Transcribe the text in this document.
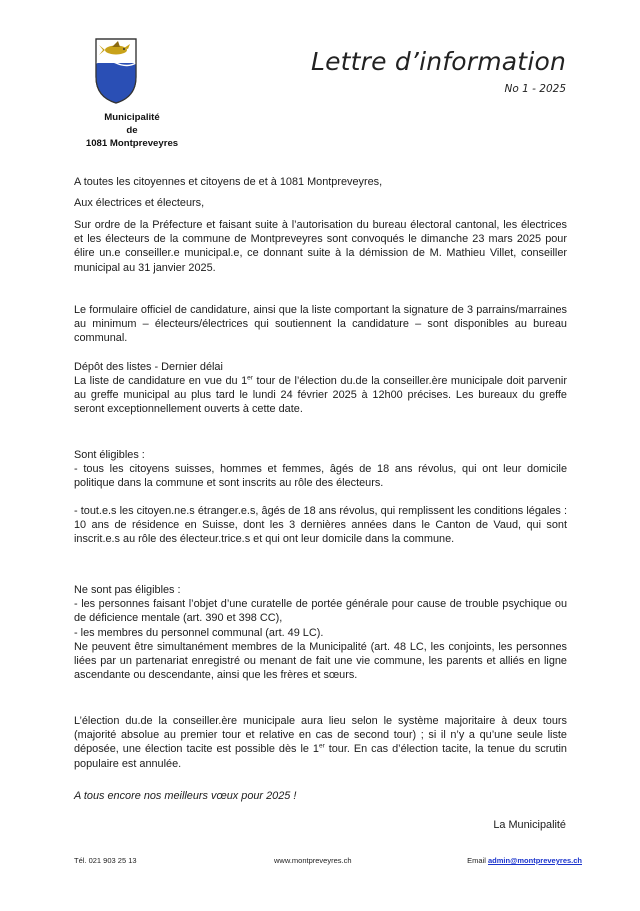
Municipalité
de
1081 Montpreveyres
Lettre d’information
No 1 - 2025

A toutes les citoyennes et citoyens de et à 1081 Montpreveyres,

Aux électrices et électeurs,

Sur ordre de la Préfecture et faisant suite à l’autorisation du bureau électoral cantonal, les électrices et les électeurs de la commune de Montpreveyres sont convoqués le dimanche 23 mars 2025 pour élire un.e conseiller.e municipal.e, ce donnant suite à la démission de M. Mathieu Villet, conseiller municipal au 31 janvier 2025.

Le formulaire officiel de candidature, ainsi que la liste comportant la signature de 3 parrains/marraines au minimum – électeurs/électrices qui soutiennent la candidature – sont disponibles au bureau communal.

Dépôt des listes - Dernier délai

La liste de candidature en vue du 1er tour de l’élection du.de la conseiller.ère municipale doit parvenir au greffe municipal au plus tard le lundi 24 février 2025 à 12h00 précises. Les bureaux du greffe seront exceptionnellement ouverts à cette date.

Sont éligibles :

- tous les citoyens suisses, hommes et femmes, âgés de 18 ans révolus, qui ont leur domicile politique dans la commune et sont inscrits au rôle des électeurs.

- tout.e.s les citoyen.ne.s étranger.e.s, âgés de 18 ans révolus, qui remplissent les conditions légales : 10 ans de résidence en Suisse, dont les 3 dernières années dans le Canton de Vaud, qui sont inscrit.e.s au rôle des électeur.trice.s et qui ont leur domicile dans la commune.

Ne sont pas éligibles :

- les personnes faisant l’objet d’une curatelle de portée générale pour cause de trouble psychique ou de déficience mentale (art. 390 et 398 CC),

- les membres du personnel communal (art. 49 LC).

Ne peuvent être simultanément membres de la Municipalité (art. 48 LC, les conjoints, les personnes liées par un partenariat enregistré ou menant de fait une vie commune, les parents et alliés en ligne ascendante ou descendante, ainsi que les frères et sœurs.

L’élection du.de la conseiller.ère municipale aura lieu selon le système majoritaire à deux tours (majorité absolue au premier tour et relative en cas de second tour) ; si il n’y a qu’une seule liste déposée, une élection tacite est possible dès le 1er tour. En cas d’élection tacite, la tenue du scrutin populaire est annulée.

A tous encore nos meilleurs vœux pour 2025 !

La Municipalité
Tél. 021 903 25 13	www.montpreveyres.ch	Email admin@montpreveyres.ch
